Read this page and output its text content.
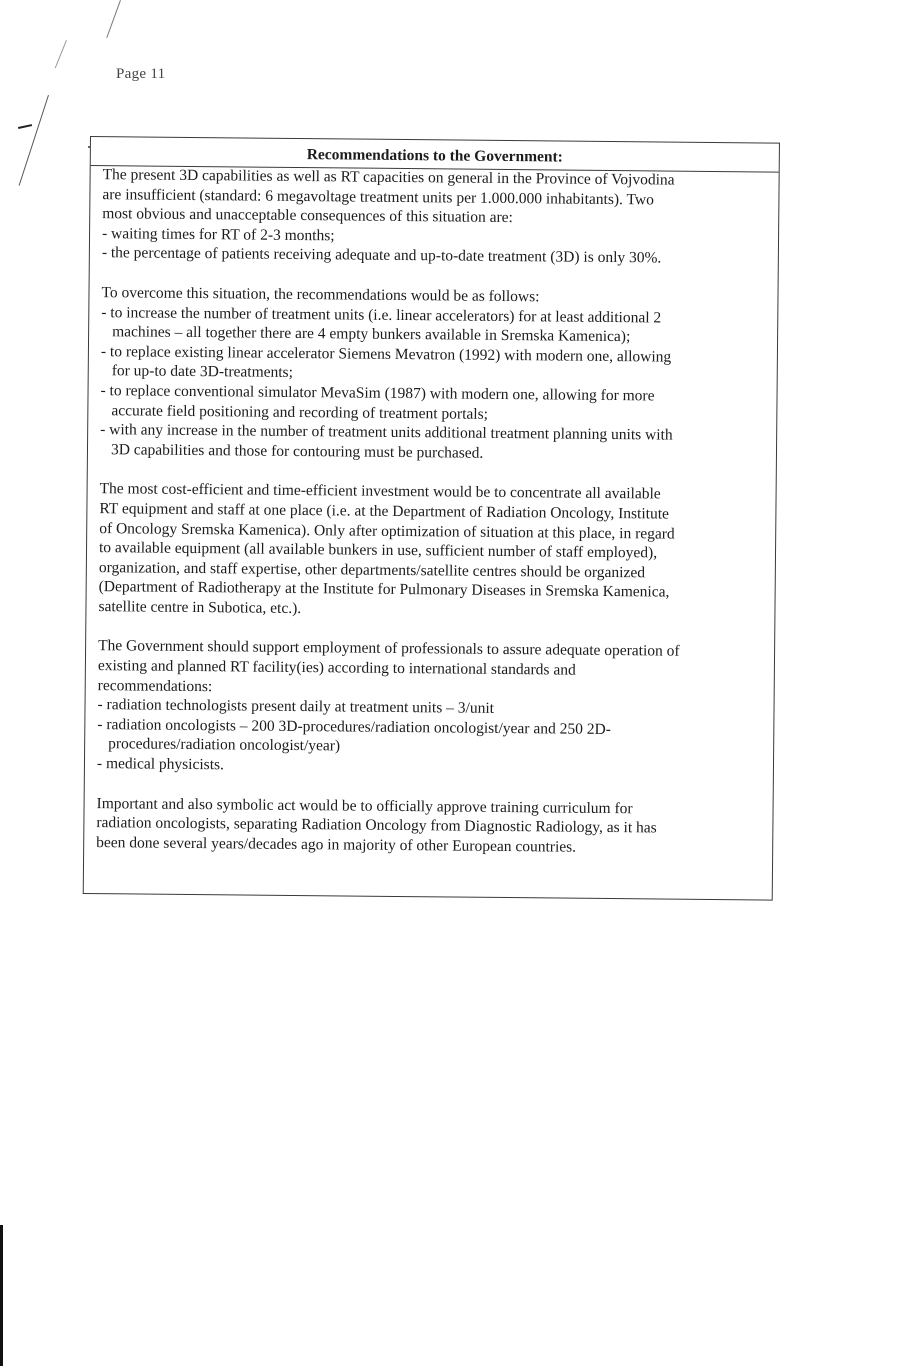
Page 11
Recommendations to the Government:
The present 3D capabilities as well as RT capacities on general in the Province of Vojvodina
are insufficient (standard: 6 megavoltage treatment units per 1.000.000 inhabitants). Two
most obvious and unacceptable consequences of this situation are:
- waiting times for RT of 2-3 months;
- the percentage of patients receiving adequate and up-to-date treatment (3D) is only 30%.
To overcome this situation, the recommendations would be as follows:
- to increase the number of treatment units (i.e. linear accelerators) for at least additional 2
machines – all together there are 4 empty bunkers available in Sremska Kamenica);
- to replace existing linear accelerator Siemens Mevatron (1992) with modern one, allowing
for up-to date 3D-treatments;
- to replace conventional simulator MevaSim (1987) with modern one, allowing for more
accurate field positioning and recording of treatment portals;
- with any increase in the number of treatment units additional treatment planning units with
3D capabilities and those for contouring must be purchased.
The most cost-efficient and time-efficient investment would be to concentrate all available
RT equipment and staff at one place (i.e. at the Department of Radiation Oncology, Institute
of Oncology Sremska Kamenica). Only after optimization of situation at this place, in regard
to available equipment (all available bunkers in use, sufficient number of staff employed),
organization, and staff expertise, other departments/satellite centres should be organized
(Department of Radiotherapy at the Institute for Pulmonary Diseases in Sremska Kamenica,
satellite centre in Subotica, etc.).
The Government should support employment of professionals to assure adequate operation of
existing and planned RT facility(ies) according to international standards and
recommendations:
- radiation technologists present daily at treatment units – 3/unit
- radiation oncologists – 200 3D-procedures/radiation oncologist/year and 250 2D-
procedures/radiation oncologist/year)
- medical physicists.
Important and also symbolic act would be to officially approve training curriculum for
radiation oncologists, separating Radiation Oncology from Diagnostic Radiology, as it has
been done several years/decades ago in majority of other European countries.
